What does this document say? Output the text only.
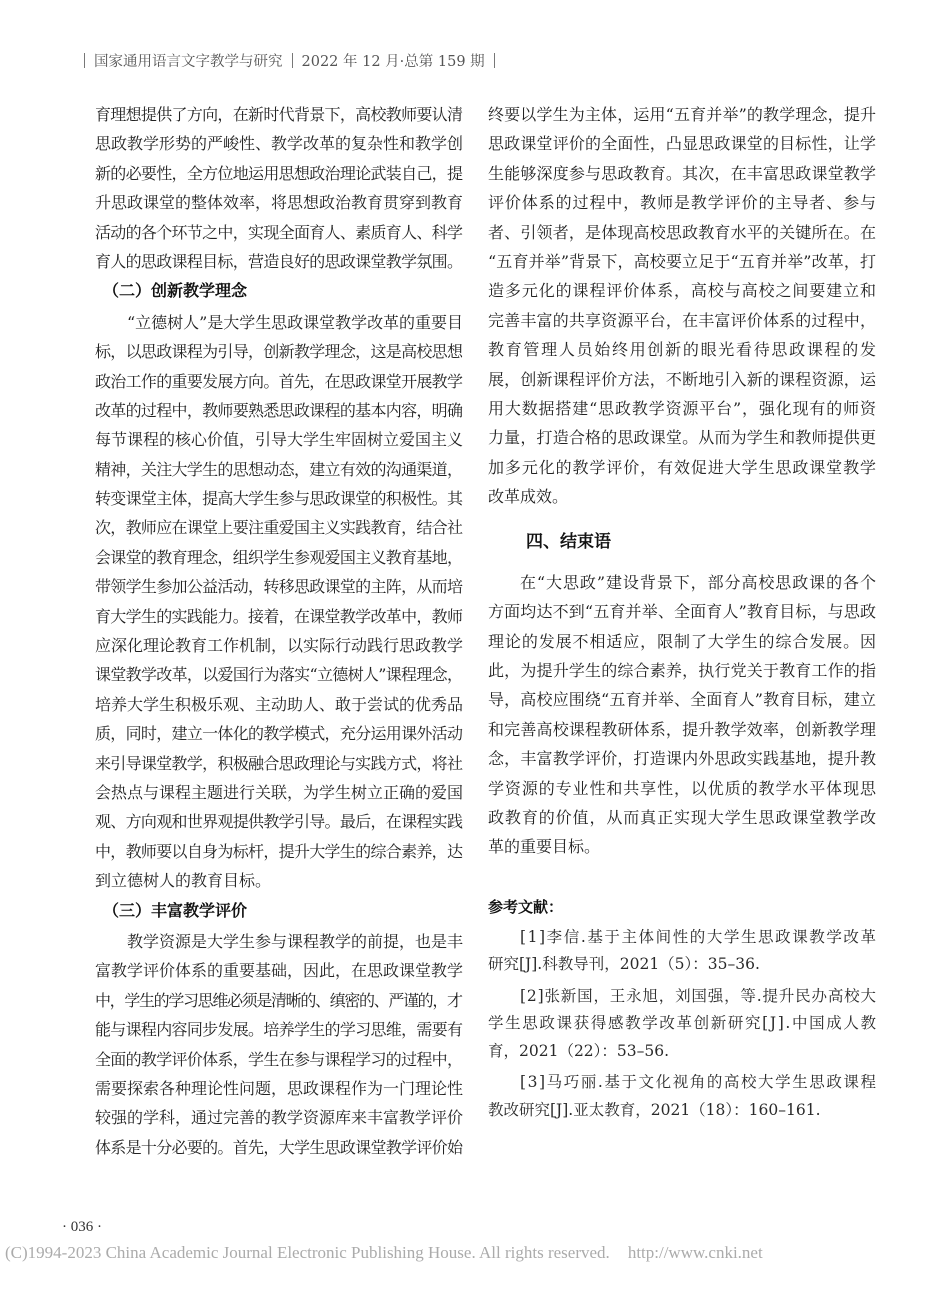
国家通用语言文字教学与研究 2022 年 12 月·总第 159 期
育理想提供了方向，在新时代背景下，高校教师要认清
思政教学形势的严峻性、教学改革的复杂性和教学创
新的必要性，全方位地运用思想政治理论武装自己，提
升思政课堂的整体效率，将思想政治教育贯穿到教育
活动的各个环节之中，实现全面育人、素质育人、科学
育人的思政课程目标，营造良好的思政课堂教学氛围。
（二）创新教学理念
“立德树人”是大学生思政课堂教学改革的重要目
标，以思政课程为引导，创新教学理念，这是高校思想
政治工作的重要发展方向。首先，在思政课堂开展教学
改革的过程中，教师要熟悉思政课程的基本内容，明确
每节课程的核心价值，引导大学生牢固树立爱国主义
精神，关注大学生的思想动态，建立有效的沟通渠道，
转变课堂主体，提高大学生参与思政课堂的积极性。其
次，教师应在课堂上要注重爱国主义实践教育，结合社
会课堂的教育理念，组织学生参观爱国主义教育基地，
带领学生参加公益活动，转移思政课堂的主阵，从而培
育大学生的实践能力。接着，在课堂教学改革中，教师
应深化理论教育工作机制，以实际行动践行思政教学
课堂教学改革，以爱国行为落实“立德树人”课程理念，
培养大学生积极乐观、主动助人、敢于尝试的优秀品
质，同时，建立一体化的教学模式，充分运用课外活动
来引导课堂教学，积极融合思政理论与实践方式，将社
会热点与课程主题进行关联，为学生树立正确的爱国
观、方向观和世界观提供教学引导。最后，在课程实践
中，教师要以自身为标杆，提升大学生的综合素养，达
到立德树人的教育目标。
（三）丰富教学评价
教学资源是大学生参与课程教学的前提，也是丰
富教学评价体系的重要基础，因此，在思政课堂教学
中，学生的学习思维必须是清晰的、缜密的、严谨的，才
能与课程内容同步发展。培养学生的学习思维，需要有
全面的教学评价体系，学生在参与课程学习的过程中，
需要探索各种理论性问题，思政课程作为一门理论性
较强的学科，通过完善的教学资源库来丰富教学评价
体系是十分必要的。首先，大学生思政课堂教学评价始
终要以学生为主体，运用“五育并举”的教学理念，提升
思政课堂评价的全面性，凸显思政课堂的目标性，让学
生能够深度参与思政教育。其次，在丰富思政课堂教学
评价体系的过程中，教师是教学评价的主导者、参与
者、引领者，是体现高校思政教育水平的关键所在。在
“五育并举”背景下，高校要立足于“五育并举”改革，打
造多元化的课程评价体系，高校与高校之间要建立和
完善丰富的共享资源平台，在丰富评价体系的过程中，
教育管理人员始终用创新的眼光看待思政课程的发
展，创新课程评价方法，不断地引入新的课程资源，运
用大数据搭建“思政教学资源平台”，强化现有的师资
力量，打造合格的思政课堂。从而为学生和教师提供更
加多元化的教学评价，有效促进大学生思政课堂教学
改革成效。
四、结束语
在“大思政”建设背景下，部分高校思政课的各个
方面均达不到“五育并举、全面育人”教育目标，与思政
理论的发展不相适应，限制了大学生的综合发展。因
此，为提升学生的综合素养，执行党关于教育工作的指
导，高校应围绕“五育并举、全面育人”教育目标，建立
和完善高校课程教研体系，提升教学效率，创新教学理
念，丰富教学评价，打造课内外思政实践基地，提升教
学资源的专业性和共享性，以优质的教学水平体现思
政教育的价值，从而真正实现大学生思政课堂教学改
革的重要目标。
参考文献：
[1]李信.基于主体间性的大学生思政课教学改革
研究[J].科教导刊，2021（5）：35–36.
[2]张新国，王永旭，刘国强，等.提升民办高校大
学生思政课获得感教学改革创新研究[J].中国成人教
育，2021（22）：53–56.
[3]马巧丽.基于文化视角的高校大学生思政课程
教改研究[J].亚太教育，2021（18）：160–161.
· 036 ·
(C)1994-2023 China Academic Journal Electronic Publishing House. All rights reserved. http://www.cnki.net
